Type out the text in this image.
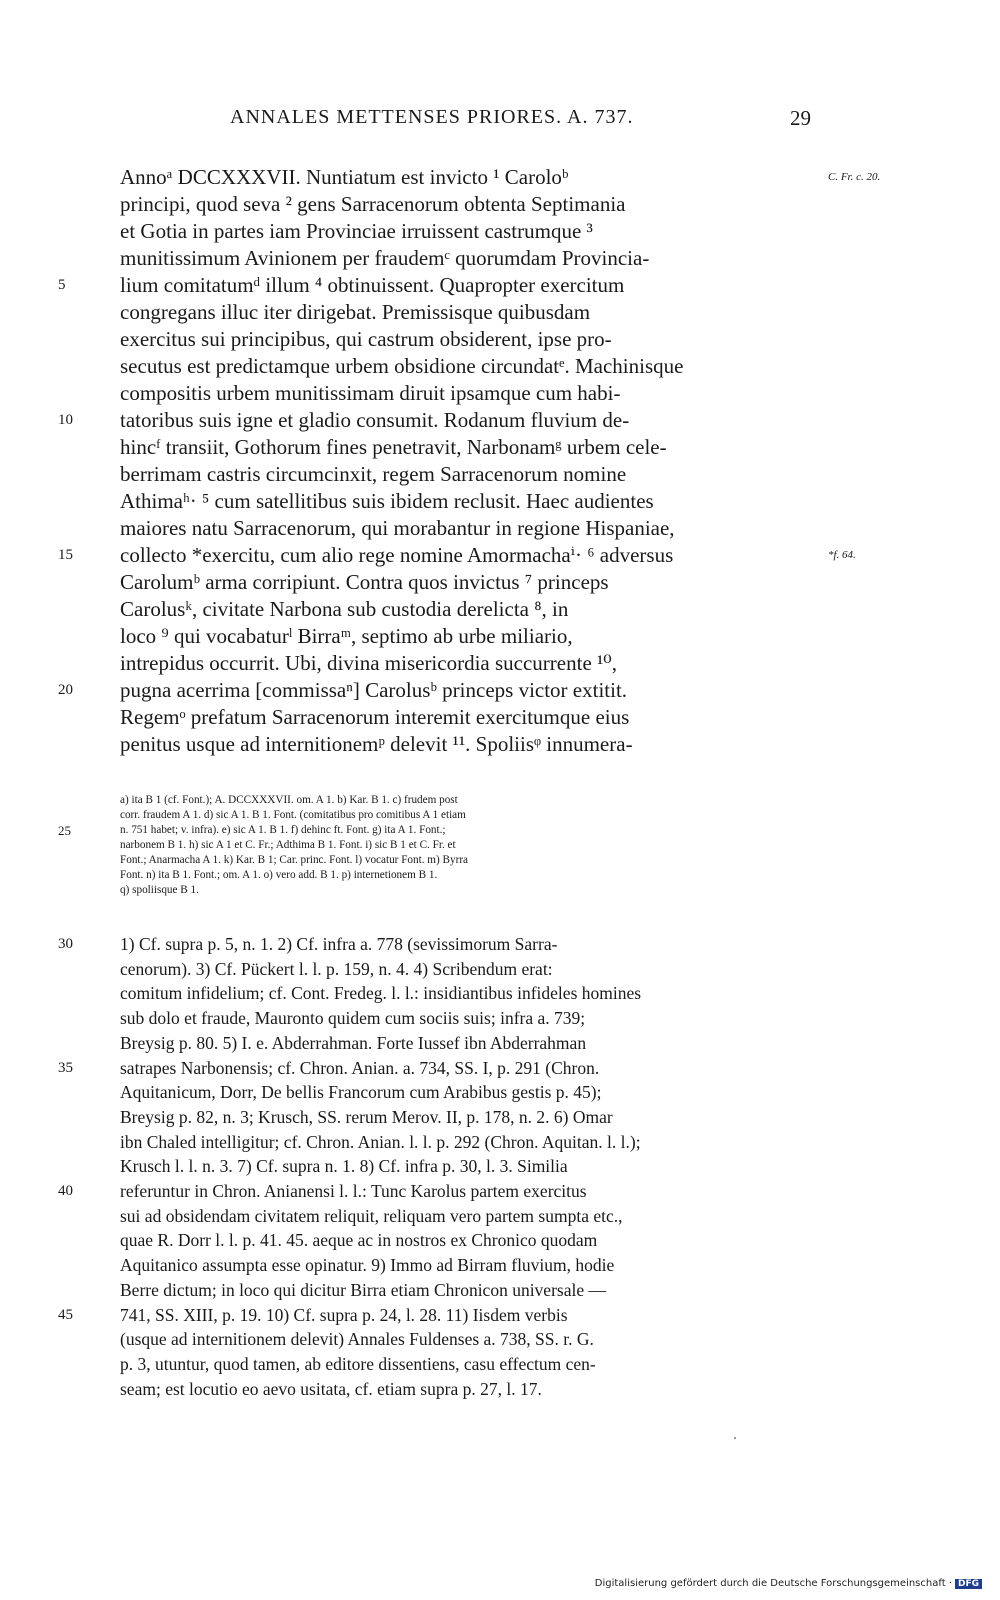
ANNALES METTENSES PRIORES. A. 737.	29
Annoᵃ DCCXXXVII. Nuntiatum est invicto ¹ Caroloᵇ	C. Fr. c. 20.
principi, quod seva ² gens Sarracenorum obtenta Septimania
et Gotia in partes iam Provinciae irruissent castrumque ³
munitissimum Avinionem per fraudemᶜ quorumdam Provincia-
5	lium comitatumᵈ illum ⁴ obtinuissent. Quapropter exercitum
congregans illuc iter dirigebat. Premissisque quibusdam
exercitus sui principibus, qui castrum obsiderent, ipse pro-
secutus est predictamque urbem obsidione circundatᵉ. Machinisque
compositis urbem munitissimam diruit ipsamque cum habi-
10 tatoribus suis igne et gladio consumit. Rodanum fluvium de-
hincᶠ transiit, Gothorum fines penetravit, Narbonamᵍ urbem cele-
berrimam castris circumcinxit, regem Sarracenorum nomine
Athimaʰ· ⁵ cum satellitibus suis ibidem reclusit. Haec audientes
maiores natu Sarracenorum, qui morabantur in regione Hispaniae,
15 collecto *exercitu, cum alio rege nomine Amormachaⁱ· ⁶ adversus	*f. 64.
Carolumᵇ arma corripiunt. Contra quos invictus ⁷ princeps
Carolusᵏ, civitate Narbona sub custodia derelicta ⁸, in
loco ⁹ qui vocabaturˡ Birraᵐ, septimo ab urbe miliario,
intrepidus occurrit. Ubi, divina misericordia succurrente ¹⁰,
20 pugna acerrima [commissaⁿ] Carolusᵇ princeps victor extitit.
Regemᵒ prefatum Sarracenorum interemit exercitumque eius
penitus usque ad internitionemᵖ delevit ¹¹. Spoliisᵠ innumera-
a) ita B 1 (cf. Font.); A. DCCXXXVII. om. A 1. b) Kar. B 1. c) frudem post
corr. fraudem A 1. d) sic A 1. B 1. Font. (comitatibus pro comitibus A 1 etiam
25	n. 751 habet; v. infra). e) sic A 1. B 1. f) dehinc ft. Font. g) ita A 1. Font.;
narbonem B 1. h) sic A 1 et C. Fr.; Adthima B 1. Font. i) sic B 1 et C. Fr. et
Font.; Anarmacha A 1. k) Kar. B 1; Car. princ. Font. l) vocatur Font. m) Byrra
Font. n) ita B 1. Font.; om. A 1. o) vero add. B 1. p) internetionem B 1.
q) spoliisque B 1.
30	1) Cf. supra p. 5, n. 1. 2) Cf. infra a. 778 (sevissimorum Sarra-
cenorum). 3) Cf. Pückert l. l. p. 159, n. 4. 4) Scribendum erat:
comitum infidelium; cf. Cont. Fredeg. l. l.: insidiantibus infideles homines
sub dolo et fraude, Mauronto quidem cum sociis suis; infra a. 739;
Breysig p. 80. 5) I. e. Abderrahman. Forte Iussef ibn Abderrahman
35	satrapes Narbonensis; cf. Chron. Anian. a. 734, SS. I, p. 291 (Chron.
Aquitanicum, Dorr, De bellis Francorum cum Arabibus gestis p. 45);
Breysig p. 82, n. 3; Krusch, SS. rerum Merov. II, p. 178, n. 2. 6) Omar
ibn Chaled intelligitur; cf. Chron. Anian. l. l. p. 292 (Chron. Aquitan. l. l.);
Krusch l. l. n. 3. 7) Cf. supra n. 1. 8) Cf. infra p. 30, l. 3. Similia
40	referuntur in Chron. Anianensi l. l.: Tunc Karolus partem exercitus
sui ad obsidendam civitatem reliquit, reliquam vero partem sumpta etc.,
quae R. Dorr l. l. p. 41. 45. aeque ac in nostros ex Chronico quodam
Aquitanico assumpta esse opinatur. 9) Immo ad Birram fluvium, hodie
Berre dictum; in loco qui dicitur Birra etiam Chronicon universale —
45	741, SS. XIII, p. 19. 10) Cf. supra p. 24, l. 28. 11) Iisdem verbis
(usque ad internitionem delevit) Annales Fuldenses a. 738, SS. r. G.
p. 3, utuntur, quod tamen, ab editore dissentiens, casu effectum cen-
seam; est locutio eo aevo usitata, cf. etiam supra p. 27, l. 17.
Digitalisierung gefördert durch die Deutsche Forschungsgemeinschaft · DFG
